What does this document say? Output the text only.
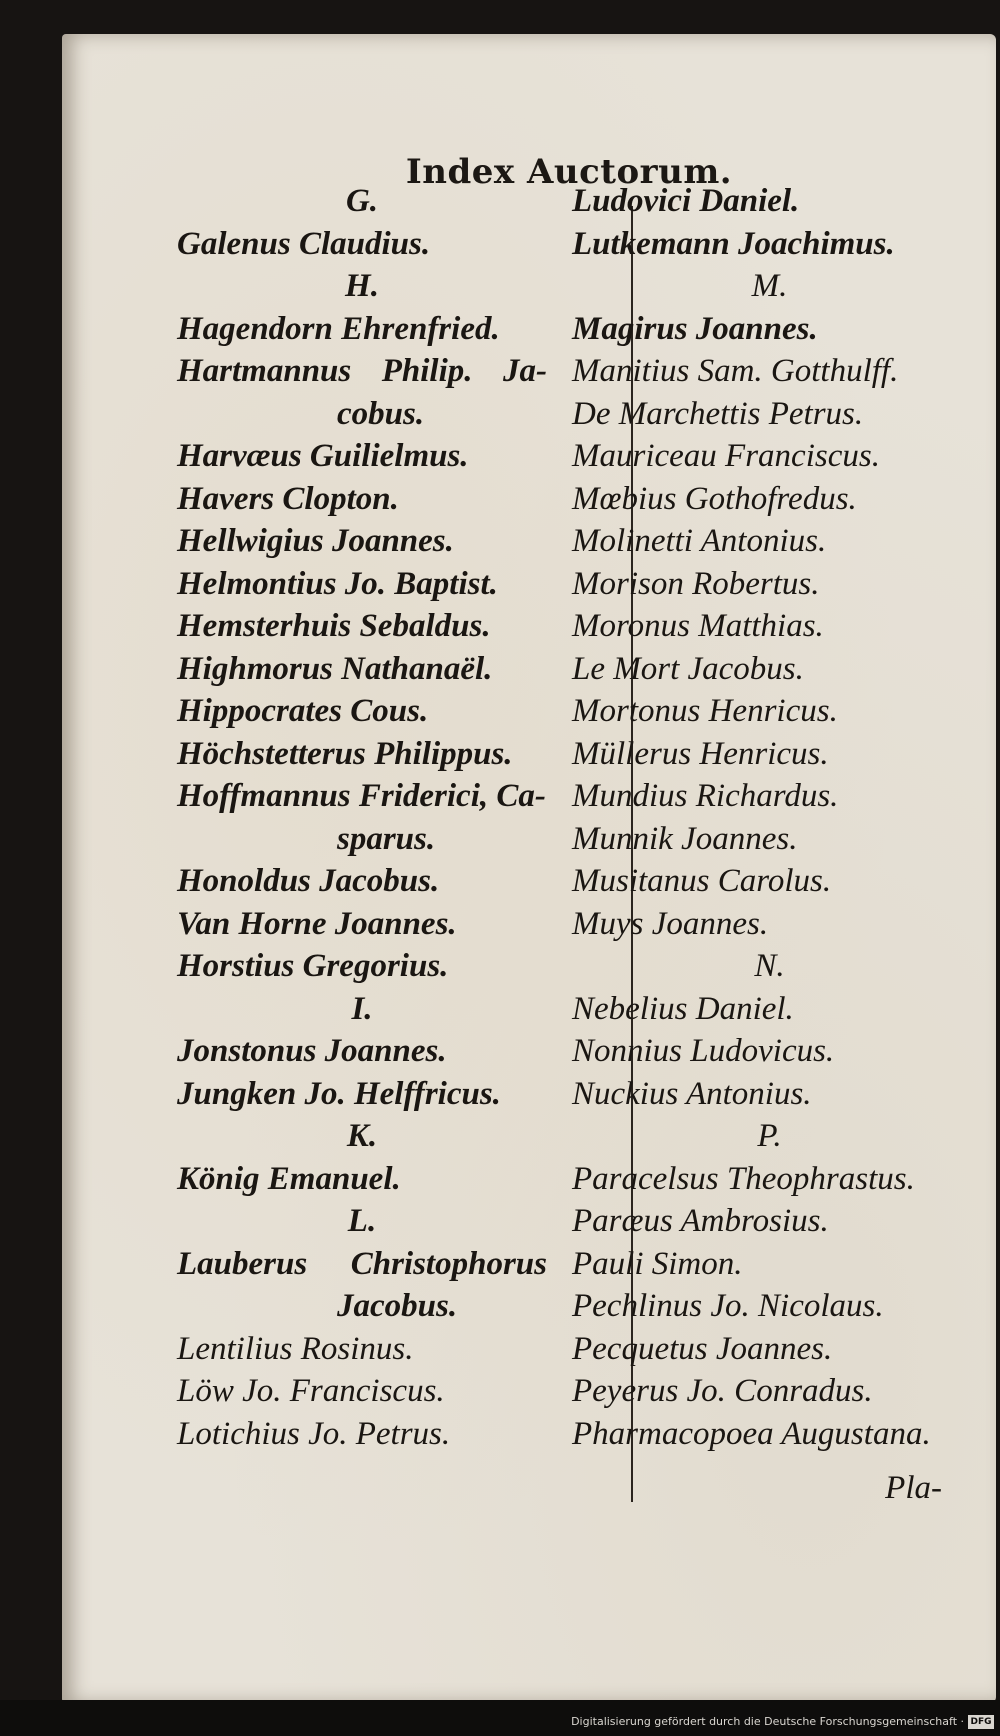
Index Auctorum.
G.
Galenus Claudius.
H.
Hagendorn Ehrenfried.
Hartmannus Philip. Ja-
cobus.
Harvæus Guilielmus.
Havers Clopton.
Hellwigius Joannes.
Helmontius Jo. Baptist.
Hemsterhuis Sebaldus.
Highmorus Nathanaël.
Hippocrates Cous.
Höchstetterus Philippus.
Hoffmannus Friderici, Ca-
sparus.
Honoldus Jacobus.
Van Horne Joannes.
Horstius Gregorius.
I.
Jonstonus Joannes.
Jungken Jo. Helffricus.
K.
König Emanuel.
L.
Lauberus Christophorus
Jacobus.
Lentilius Rosinus.
Löw Jo. Franciscus.
Lotichius Jo. Petrus.
Ludovici Daniel.
Lutkemann Joachimus.
M.
Magirus Joannes.
Manitius Sam. Gotthulff.
De Marchettis Petrus.
Mauriceau Franciscus.
Mœbius Gothofredus.
Molinetti Antonius.
Morison Robertus.
Moronus Matthias.
Le Mort Jacobus.
Mortonus Henricus.
Müllerus Henricus.
Mundius Richardus.
Munnik Joannes.
Musitanus Carolus.
Muys Joannes.
N.
Nebelius Daniel.
Nonnius Ludovicus.
Nuckius Antonius.
P.
Paracelsus Theophrastus.
Paræus Ambrosius.
Pauli Simon.
Pechlinus Jo. Nicolaus.
Pecquetus Joannes.
Peyerus Jo. Conradus.
Pharmacopoea Augustana.
Pla-
Digitalisierung gefördert durch die Deutsche Forschungsgemeinschaft · DFG
